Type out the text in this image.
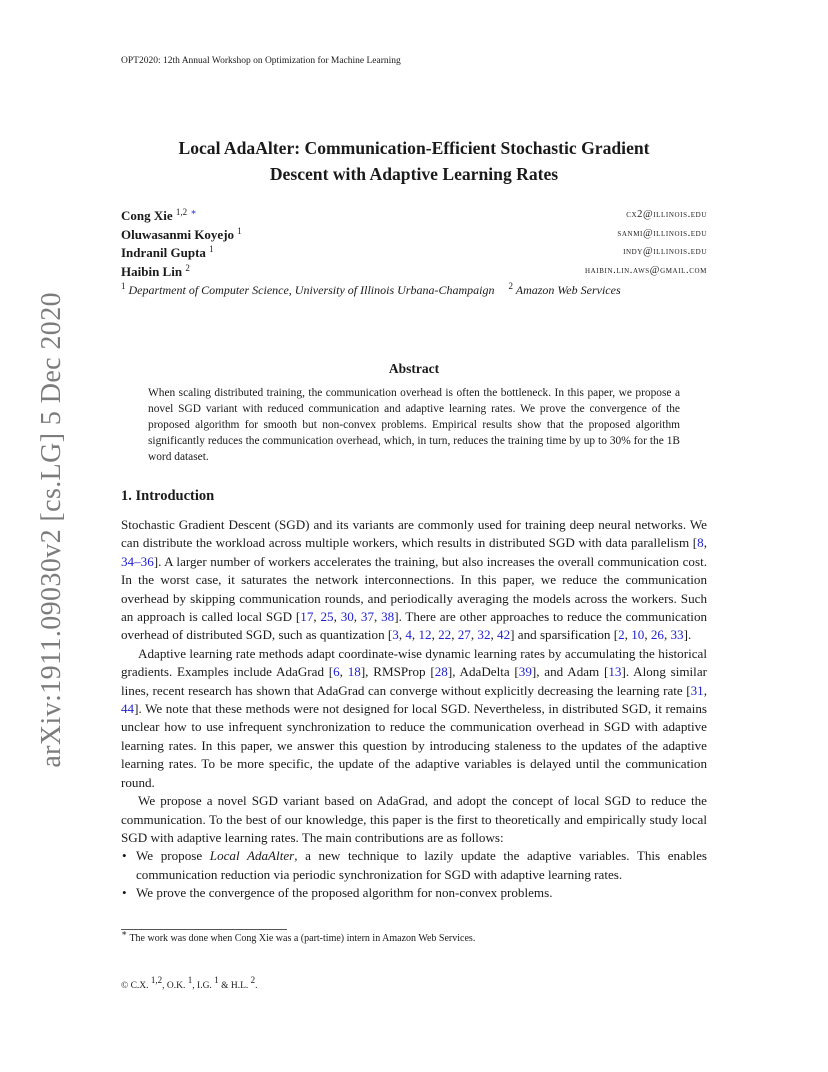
OPT2020: 12th Annual Workshop on Optimization for Machine Learning
arXiv:1911.09030v2 [cs.LG] 5 Dec 2020
Local AdaAlter: Communication-Efficient Stochastic Gradient
Descent with Adaptive Learning Rates
Cong Xie $^{1,2}$ ∗	cx2@illinois.edu
Oluwasanmi Koyejo $^1$	sanmi@illinois.edu
Indranil Gupta $^1$	indy@illinois.edu
Haibin Lin $^2$	haibin.lin.aws@gmail.com
$^1$ Department of Computer Science, University of Illinois Urbana-Champaign $^2$ Amazon Web Services
Abstract
When scaling distributed training, the communication overhead is often the bottleneck. In this paper, we propose a novel SGD variant with reduced communication and adaptive learning rates. We prove the convergence of the proposed algorithm for smooth but non-convex problems. Empirical results show that the proposed algorithm significantly reduces the communication overhead, which, in turn, reduces the training time by up to 30% for the 1B word dataset.
1. Introduction

Stochastic Gradient Descent (SGD) and its variants are commonly used for training deep neural networks. We can distribute the workload across multiple workers, which results in distributed SGD with data parallelism [8, 34–36]. A larger number of workers accelerates the training, but also increases the overall communication cost. In the worst case, it saturates the network interconnections. In this paper, we reduce the communication overhead by skipping communication rounds, and periodically averaging the models across the workers. Such an approach is called local SGD [17, 25, 30, 37, 38]. There are other approaches to reduce the communication overhead of distributed SGD, such as quantization [3, 4, 12, 22, 27, 32, 42] and sparsification [2, 10, 26, 33].

Adaptive learning rate methods adapt coordinate-wise dynamic learning rates by accumulating the historical gradients. Examples include AdaGrad [6, 18], RMSProp [28], AdaDelta [39], and Adam [13]. Along similar lines, recent research has shown that AdaGrad can converge without explicitly decreasing the learning rate [31, 44]. We note that these methods were not designed for local SGD. Nevertheless, in distributed SGD, it remains unclear how to use infrequent synchronization to reduce the communication overhead in SGD with adaptive learning rates. In this paper, we answer this question by introducing staleness to the updates of the adaptive learning rates. To be more specific, the update of the adaptive variables is delayed until the communication round.

We propose a novel SGD variant based on AdaGrad, and adopt the concept of local SGD to reduce the communication. To the best of our knowledge, this paper is the first to theoretically and empirically study local SGD with adaptive learning rates. The main contributions are as follows:

• We propose Local AdaAlter, a new technique to lazily update the adaptive variables. This enables communication reduction via periodic synchronization for SGD with adaptive learning rates.
• We prove the convergence of the proposed algorithm for non-convex problems.
∗ The work was done when Cong Xie was a (part-time) intern in Amazon Web Services.
© C.X. $^{1,2}$, O.K. $^1$, I.G. $^1$ & H.L. $^2$.
